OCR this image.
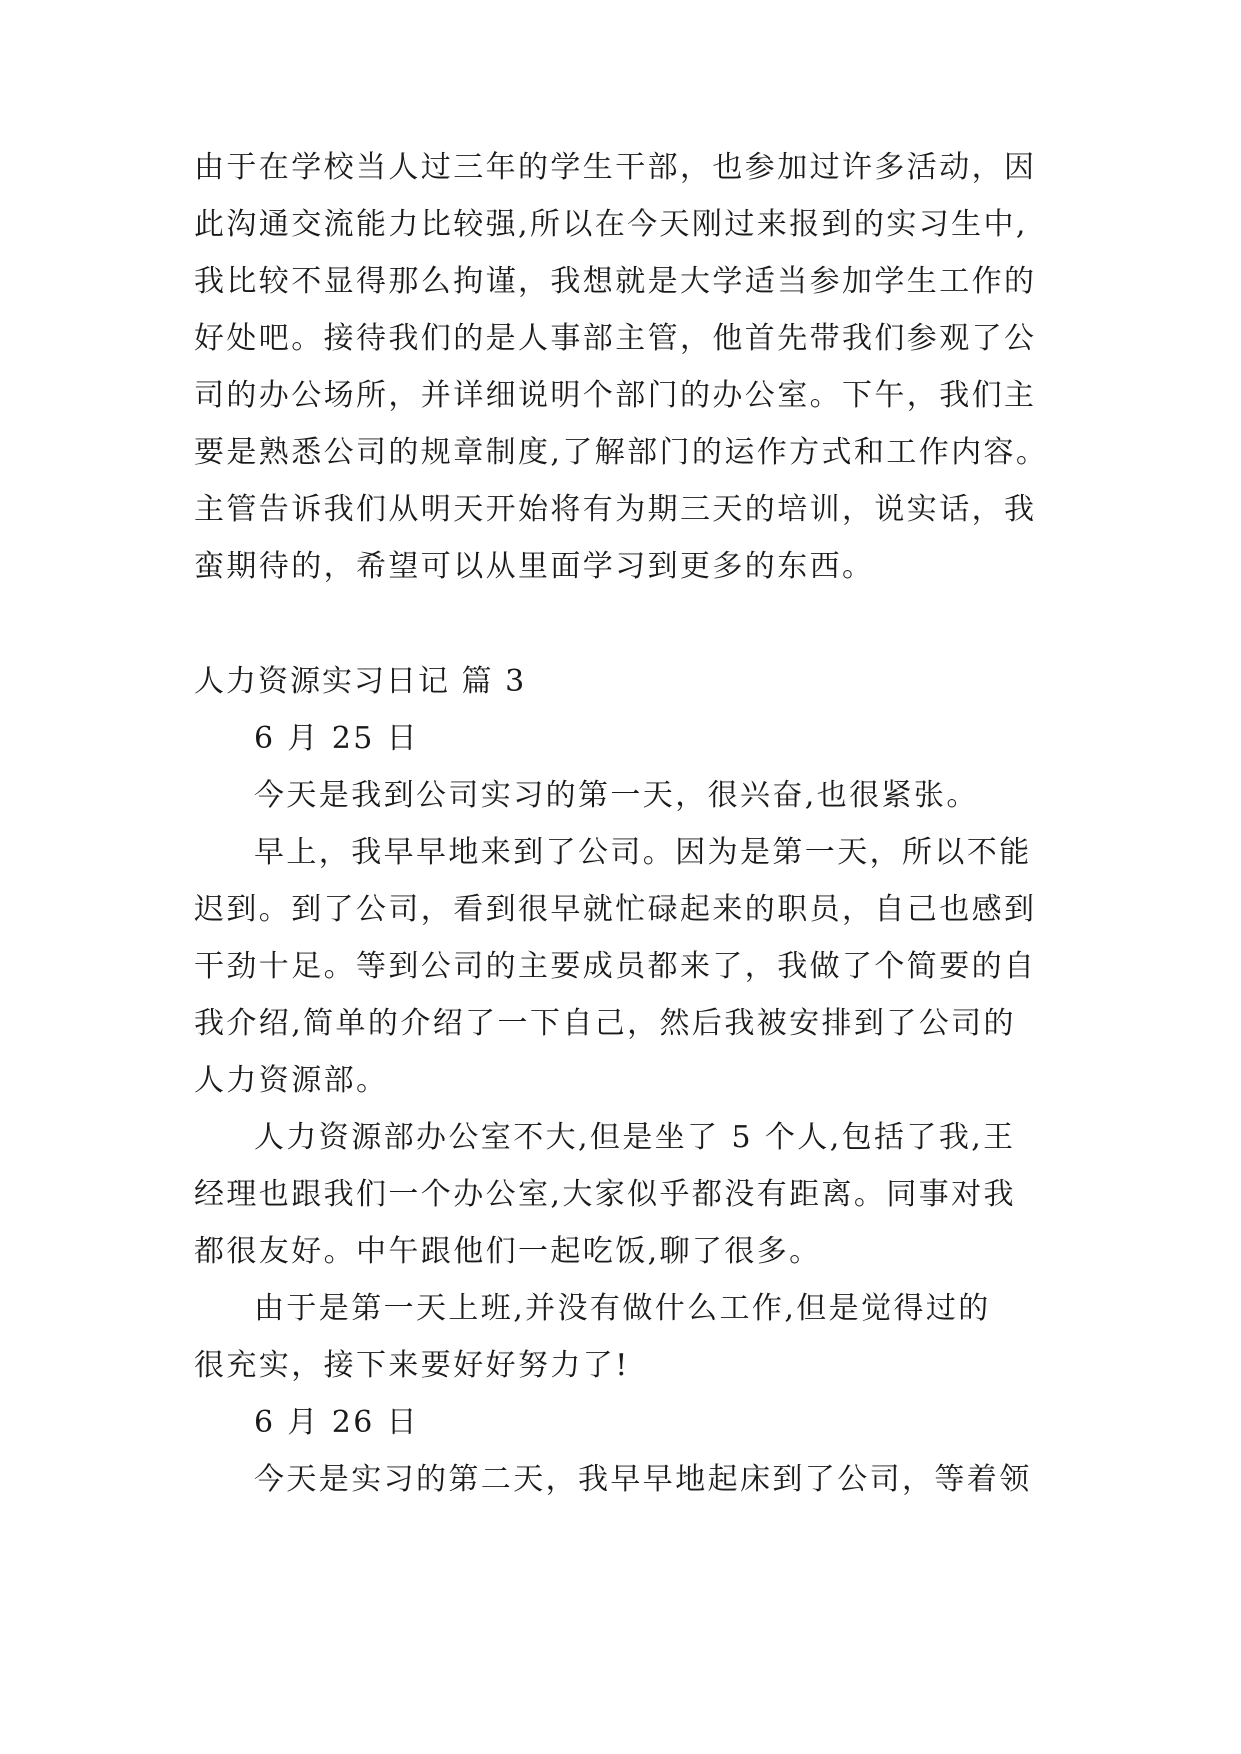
由于在学校当人过三年的学生干部，也参加过许多活动，因

此沟通交流能力比较强,所以在今天刚过来报到的实习生中,

我比较不显得那么拘谨，我想就是大学适当参加学生工作的

好处吧。接待我们的是人事部主管，他首先带我们参观了公

司的办公场所，并详细说明个部门的办公室。下午，我们主

要是熟悉公司的规章制度,了解部门的运作方式和工作内容。

主管告诉我们从明天开始将有为期三天的培训，说实话，我

蛮期待的，希望可以从里面学习到更多的东西。

人力资源实习日记 篇 3

6 月 25 日

今天是我到公司实习的第一天，很兴奋,也很紧张。

早上，我早早地来到了公司。因为是第一天，所以不能

迟到。到了公司，看到很早就忙碌起来的职员，自己也感到

干劲十足。等到公司的主要成员都来了，我做了个简要的自

我介绍,简单的介绍了一下自己，然后我被安排到了公司的

人力资源部。

人力资源部办公室不大,但是坐了 5 个人,包括了我,王

经理也跟我们一个办公室,大家似乎都没有距离。同事对我

都很友好。中午跟他们一起吃饭,聊了很多。

由于是第一天上班,并没有做什么工作,但是觉得过的

很充实，接下来要好好努力了!

6 月 26 日

今天是实习的第二天，我早早地起床到了公司，等着领
